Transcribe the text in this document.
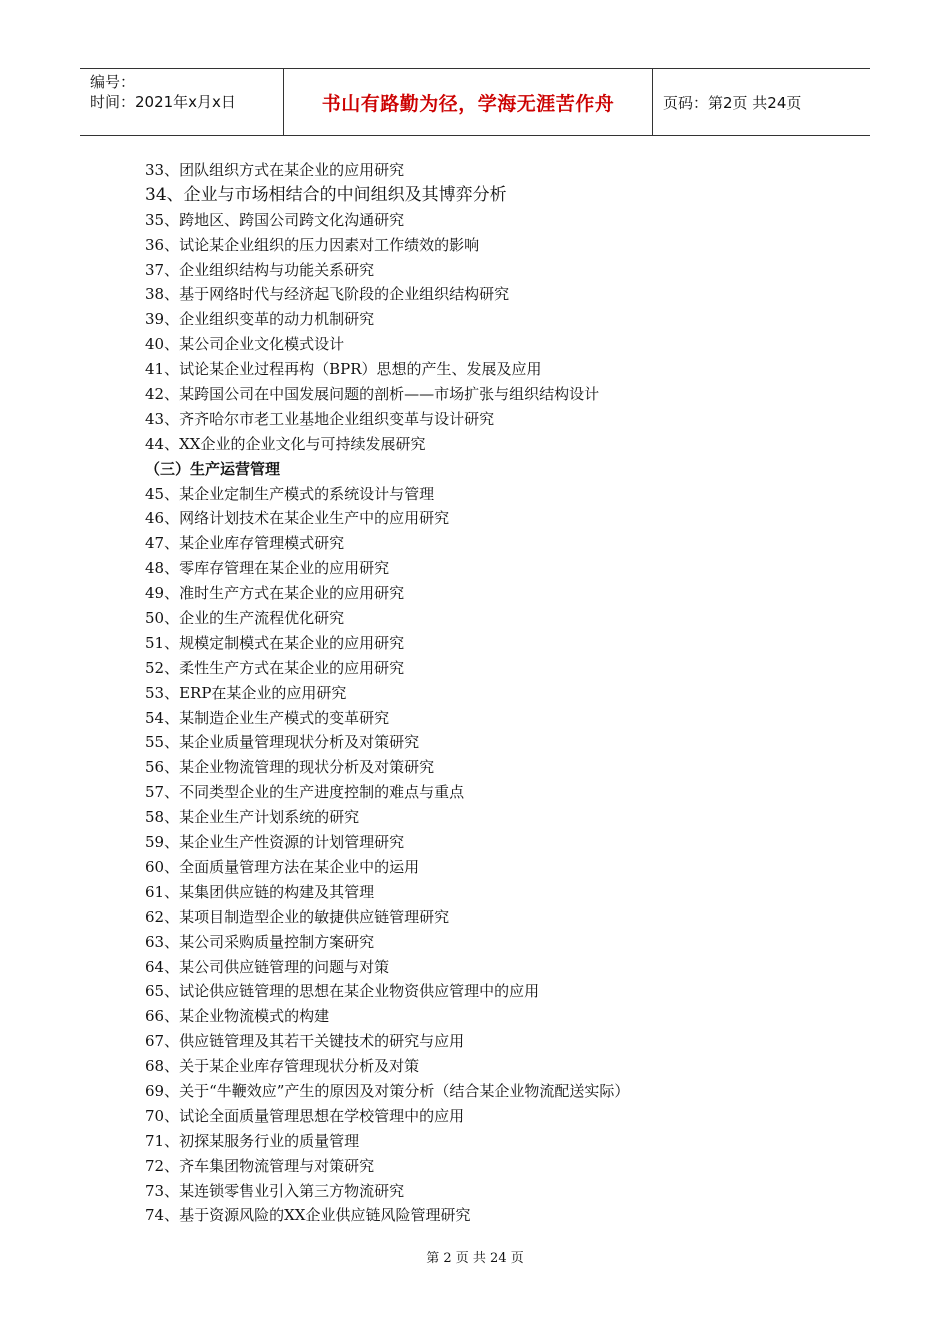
编号：
时间：2021年x月x日	书山有路勤为径，学海无涯苦作舟	页码：第2页 共24页
33、团队组织方式在某企业的应用研究
34、企业与市场相结合的中间组织及其博弈分析
35、跨地区、跨国公司跨文化沟通研究
36、试论某企业组织的压力因素对工作绩效的影响
37、企业组织结构与功能关系研究
38、基于网络时代与经济起飞阶段的企业组织结构研究
39、企业组织变革的动力机制研究
40、某公司企业文化模式设计
41、试论某企业过程再构（BPR）思想的产生、发展及应用
42、某跨国公司在中国发展问题的剖析——市场扩张与组织结构设计
43、齐齐哈尔市老工业基地企业组织变革与设计研究
44、XX企业的企业文化与可持续发展研究
（三）生产运营管理
45、某企业定制生产模式的系统设计与管理
46、网络计划技术在某企业生产中的应用研究
47、某企业库存管理模式研究
48、零库存管理在某企业的应用研究
49、准时生产方式在某企业的应用研究
50、企业的生产流程优化研究
51、规模定制模式在某企业的应用研究
52、柔性生产方式在某企业的应用研究
53、ERP在某企业的应用研究
54、某制造企业生产模式的变革研究
55、某企业质量管理现状分析及对策研究
56、某企业物流管理的现状分析及对策研究
57、不同类型企业的生产进度控制的难点与重点
58、某企业生产计划系统的研究
59、某企业生产性资源的计划管理研究
60、全面质量管理方法在某企业中的运用
61、某集团供应链的构建及其管理
62、某项目制造型企业的敏捷供应链管理研究
63、某公司采购质量控制方案研究
64、某公司供应链管理的问题与对策
65、试论供应链管理的思想在某企业物资供应管理中的应用
66、某企业物流模式的构建
67、供应链管理及其若干关键技术的研究与应用
68、关于某企业库存管理现状分析及对策
69、关于“牛鞭效应”产生的原因及对策分析（结合某企业物流配送实际）
70、试论全面质量管理思想在学校管理中的应用
71、初探某服务行业的质量管理
72、齐车集团物流管理与对策研究
73、某连锁零售业引入第三方物流研究
74、基于资源风险的XX企业供应链风险管理研究
第 2 页 共 24 页
